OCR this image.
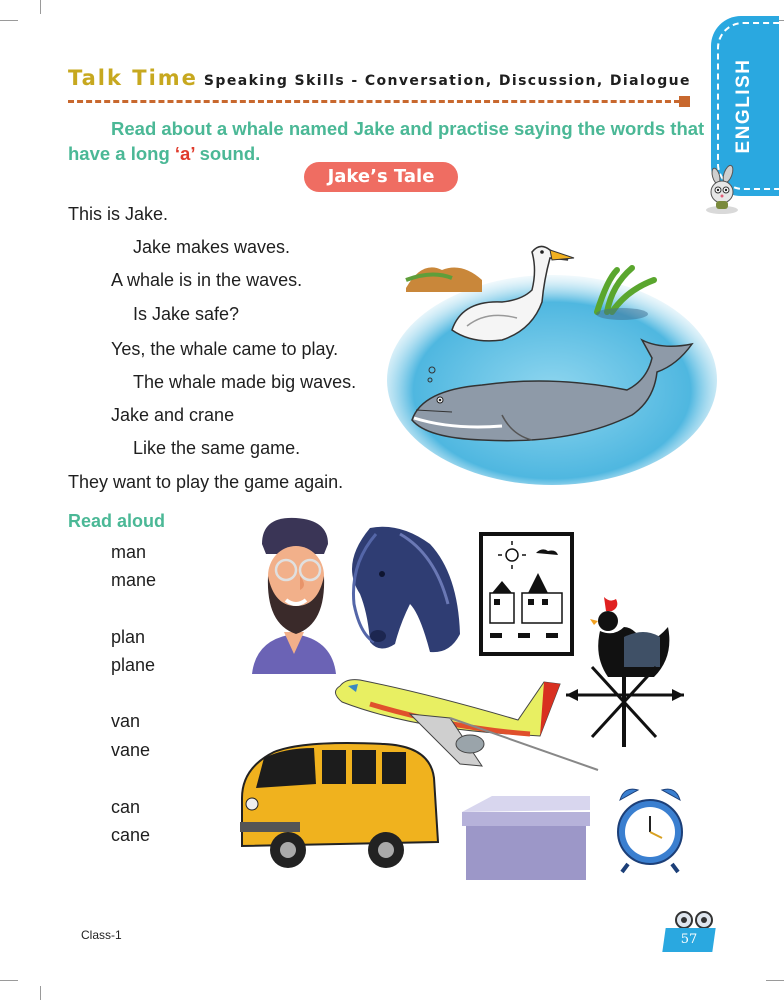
Talk Time Speaking Skills - Conversation, Discussion, Dialogue ENGLISH
Read about a whale named Jake and practise saying the words that have a long ‘a’ sound.
Jake’s Tale
This is Jake.
Jake makes waves.
A whale is in the waves.
Is Jake safe?
Yes, the whale came to play.
The whale made big waves.
Jake and crane
Like the same game.
They want to play the game again.
Read aloud
man
mane
plan
plane
van
vane
can
cane
Class-1	57
